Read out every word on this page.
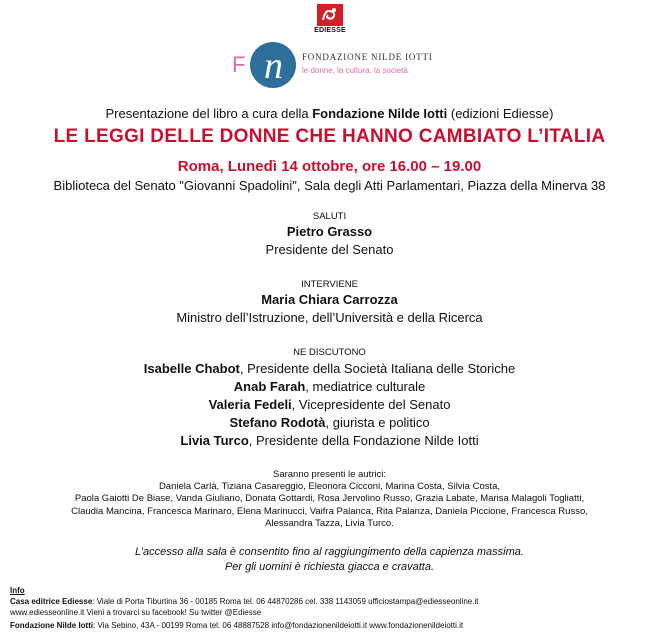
EDIESSE
F n FONDAZIONE NILDE IOTTI
le donne, la cultura, la società
Presentazione del libro a cura della Fondazione Nilde Iotti (edizioni Ediesse)
LE LEGGI DELLE DONNE CHE HANNO CAMBIATO L’ITALIA
Roma, Lunedì 14 ottobre, ore 16.00 – 19.00
Biblioteca del Senato "Giovanni Spadolini", Sala degli Atti Parlamentari, Piazza della Minerva 38
SALUTI
Pietro Grasso
Presidente del Senato
INTERVIENE
Maria Chiara Carrozza
Ministro dell’Istruzione, dell’Università e della Ricerca
NE DISCUTONO
Isabelle Chabot, Presidente della Società Italiana delle Storiche
Anab Farah, mediatrice culturale
Valeria Fedeli, Vicepresidente del Senato
Stefano Rodotà, giurista e politico
Livia Turco, Presidente della Fondazione Nilde Iotti
Saranno presenti le autrici:
Daniela Carlà, Tiziana Casareggio, Eleonora Cicconi, Marina Costa, Silvia Costa,
Paola Gaiotti De Biase, Vanda Giuliano, Donata Gottardi, Rosa Jervolino Russo, Grazia Labate, Marisa Malagoli Togliatti,
Claudia Mancina, Francesca Marinaro, Elena Marinucci, Vaifra Palanca, Rita Palanza, Daniela Piccione, Francesca Russo,
Alessandra Tazza, Livia Turco.
L’accesso alla sala è consentito fino al raggiungimento della capienza massima.
Per gli uomini è richiesta giacca e cravatta.
Info
Casa editrice Ediesse: Viale di Porta Tiburtina 36 - 00185 Roma tel. 06 44870286 cel. 338 1143059 ufficiostampa@ediesseonline.it
www.ediesseonline.it Vieni a trovarci su facebook! Su twitter @Ediesse
Fondazione Nilde Iotti: Via Sebino, 43A - 00199 Roma tel: 06 48887528 info@fondazionenildeiotti.it www.fondazionenildeiotti.it
